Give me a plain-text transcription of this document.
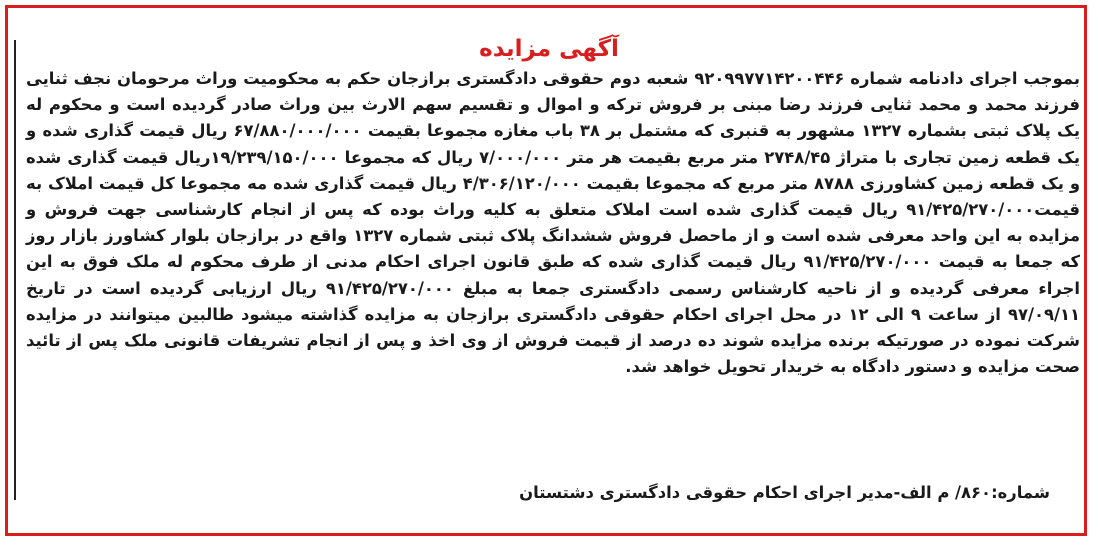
آگهی مزایده
بموجب اجرای دادنامه شماره ۹۲۰۹۹۷۷۱۴۲۰۰۴۴۶ شعبه دوم حقوقی دادگستری برازجان حکم به محکومیت وراث مرحومان نجف ثنایی فرزند محمد و محمد ثنایی فرزند رضا مبنی بر فروش ترکه و اموال و تقسیم سهم الارث بین وراث صادر گردیده است و محکوم له یک پلاک ثبتی بشماره ۱۳۲۷ مشهور به قنبری که مشتمل بر ۳۸ باب مغازه مجموعا بقیمت ۶۷/۸۸۰/۰۰۰/۰۰۰ ریال قیمت گذاری شده و یک قطعه زمین تجاری با متراژ ۲۷۴۸/۴۵ متر مربع بقیمت هر متر ۷/۰۰۰/۰۰۰ ریال که مجموعا ۱۹/۲۳۹/۱۵۰/۰۰۰ریال قیمت گذاری شده و یک قطعه زمین کشاورزی ۸۷۸۸ متر مربع که مجموعا بقیمت ۴/۳۰۶/۱۲۰/۰۰۰ ریال قیمت گذاری شده مه مجموعا کل قیمت املاک به قیمت۹۱/۴۲۵/۲۷۰/۰۰۰ ریال قیمت گذاری شده است املاک متعلق به کلیه وراث بوده که پس از انجام کارشناسی جهت فروش و مزایده به این واحد معرفی شده است و از ماحصل فروش ششدانگ پلاک ثبتی شماره ۱۳۲۷ واقع در برازجان بلوار کشاورز بازار روز که جمعا به قیمت ۹۱/۴۲۵/۲۷۰/۰۰۰ ریال قیمت گذاری شده که طبق قانون اجرای احکام مدنی از طرف محکوم له ملک فوق به این اجراء معرفی گردیده و از ناحیه کارشناس رسمی دادگستری جمعا به مبلغ ۹۱/۴۲۵/۲۷۰/۰۰۰ ریال ارزیابی گردیده است در تاریخ ۹۷/۰۹/۱۱ از ساعت ۹ الی ۱۲ در محل اجرای احکام حقوقی دادگستری برازجان به مزایده گذاشته میشود طالبین میتوانند در مزایده شرکت نموده در صورتیکه برنده مزایده شوند ده درصد از قیمت فروش از وی اخذ و پس از انجام تشریفات قانونی ملک پس از تائید صحت مزایده و دستور دادگاه به خریدار تحویل خواهد شد.
شماره:۸۶۰/ م الف-مدیر اجرای احکام حقوقی دادگستری دشتستان
